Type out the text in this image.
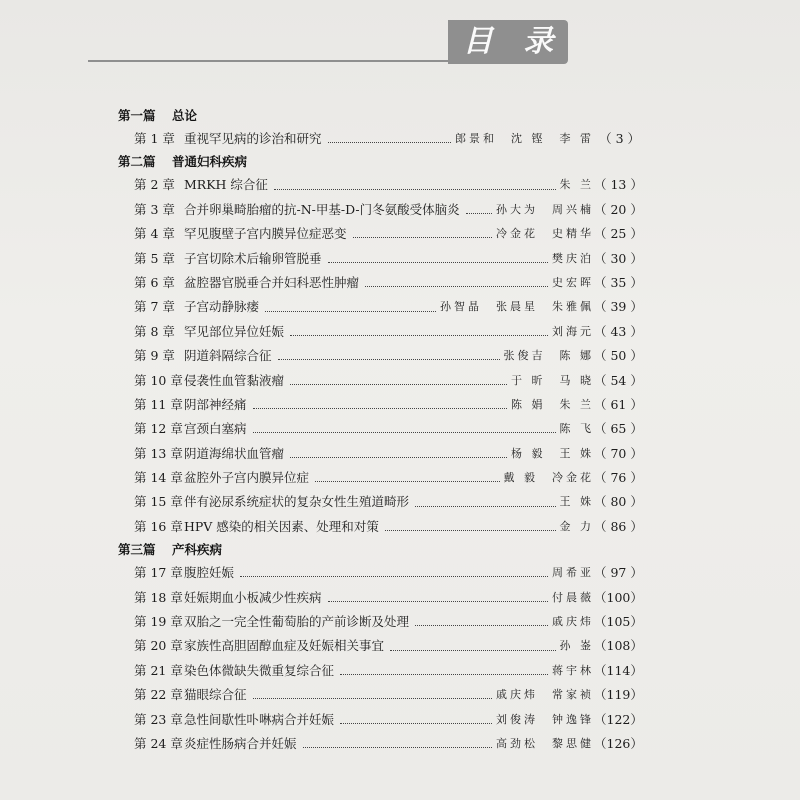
目 录
第一篇 总论
第 1 章 重视罕见病的诊治和研究	郎景和　沈 铿　李 雷 （ 3 ）
第二篇 普通妇科疾病
第 2 章 MRKH 综合征	朱 兰 （ 13 ）
第 3 章 合并卵巢畸胎瘤的抗-N-甲基-D-门冬氨酸受体脑炎	孙大为　周兴楠 （ 20 ）
第 4 章 罕见腹壁子宫内膜异位症恶变	冷金花　史精华 （ 25 ）
第 5 章 子宫切除术后输卵管脱垂	樊庆泊 （ 30 ）
第 6 章 盆腔器官脱垂合并妇科恶性肿瘤	史宏晖 （ 35 ）
第 7 章 子宫动静脉瘘	孙智晶　张晨星　朱雅佩 （ 39 ）
第 8 章 罕见部位异位妊娠	刘海元 （ 43 ）
第 9 章 阴道斜隔综合征	张俊吉　陈 娜 （ 50 ）
第 10 章 侵袭性血管黏液瘤	于 昕　马 晓 （ 54 ）
第 11 章 阴部神经痛	陈 娟　朱 兰 （ 61 ）
第 12 章 宫颈白塞病	陈 飞 （ 65 ）
第 13 章 阴道海绵状血管瘤	杨 毅　王 姝 （ 70 ）
第 14 章 盆腔外子宫内膜异位症	戴 毅　冷金花 （ 76 ）
第 15 章 伴有泌尿系统症状的复杂女性生殖道畸形	王 姝 （ 80 ）
第 16 章 HPV 感染的相关因素、处理和对策	金 力 （ 86 ）
第三篇 产科疾病
第 17 章 腹腔妊娠	周希亚 （ 97 ）
第 18 章 妊娠期血小板减少性疾病	付晨薇 （100）
第 19 章 双胎之一完全性葡萄胎的产前诊断及处理	戚庆炜 （105）
第 20 章 家族性高胆固醇血症及妊娠相关事宜	孙 崟 （108）
第 21 章 染色体微缺失微重复综合征	蒋宇林 （114）
第 22 章 猫眼综合征	戚庆炜　常家祯 （119）
第 23 章 急性间歇性卟啉病合并妊娠	刘俊涛　钟逸锋 （122）
第 24 章 炎症性肠病合并妊娠	高劲松　黎思健 （126）
